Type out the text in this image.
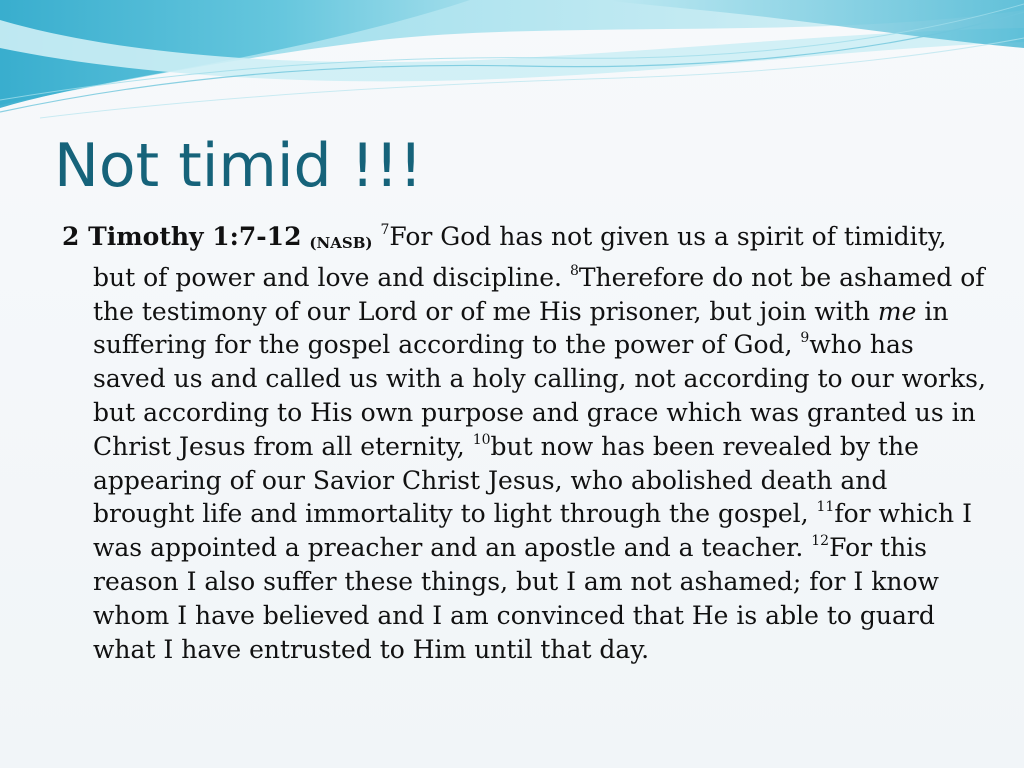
Not timid !!!

2 Timothy 1:7-12 (NASB) $^7$For God has not given us a spirit of timidity, but of power and love and discipline. $^8$Therefore do not be ashamed of the testimony of our Lord or of me His prisoner, but join with me in suffering for the gospel according to the power of God, $^9$who has saved us and called us with a holy calling, not according to our works, but according to His own purpose and grace which was granted us in Christ Jesus from all eternity, $^{10}$but now has been revealed by the appearing of our Savior Christ Jesus, who abolished death and brought life and immortality to light through the gospel, $^{11}$for which I was appointed a preacher and an apostle and a teacher. $^{12}$For this reason I also suffer these things, but I am not ashamed; for I know whom I have believed and I am convinced that He is able to guard what I have entrusted to Him until that day.
